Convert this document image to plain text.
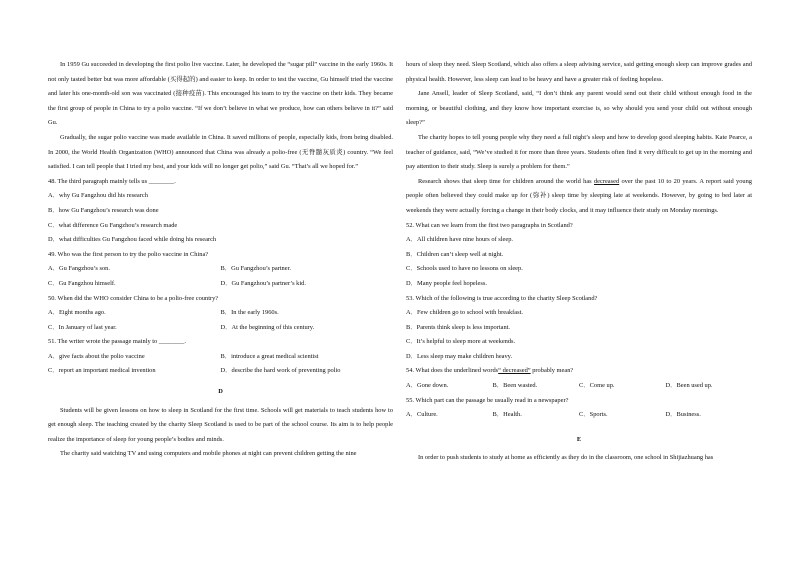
In 1959 Gu succeeded in developing the first polio live vaccine. Later, he developed the “sugar pill” vaccine in the early 1960s. It not only tasted better but was more affordable (买得起的) and easier to keep. In order to test the vaccine, Gu himself tried the vaccine and later his one-month-old son was vaccinated (接种疫苗). This encouraged his team to try the vaccine on their kids. They became the first group of people in China to try a polio vaccine. “If we don’t believe in what we produce, how can others believe in it?” said Gu.

Gradually, the sugar polio vaccine was made available in China. It saved millions of people, especially kids, from being disabled. In 2000, the World Health Organization (WHO) announced that China was already a polio-free (无脊髓灰质炎) country. “We feel satisfied. I can tell people that I tried my best, and your kids will no longer get polio,” said Gu. “That’s all we hoped for.”

48. The third paragraph mainly tells us ________.

A．why Gu Fangzhou did his research

B．how Gu Fangzhou’s research was done

C．what difference Gu Fangzhou’s research made

D．what difficulties Gu Fangzhou faced while doing his research

49. Who was the first person to try the polio vaccine in China?

A．Gu Fangzhou’s son.	B．Gu Fangzhou’s partner.
C．Gu Fangzhou himself.	D．Gu Fangzhou’s partner’s kid.

50. When did the WHO consider China to be a polio-free country?

A．Eight months ago.	B．In the early 1960s.
C．In January of last year.	D．At the beginning of this century.

51. The writer wrote the passage mainly to ________.

A．give facts about the polio vaccine	B．introduce a great medical scientist
C．report an important medical invention	D．describe the hard work of preventing polio

D

Students will be given lessons on how to sleep in Scotland for the first time. Schools will get materials to teach students how to get enough sleep. The teaching created by the charity Sleep Scotland is used to be part of the school course. Its aim is to help people realize the importance of sleep for young people’s bodies and minds.

The charity said watching TV and using computers and mobile phones at night can prevent children getting the nine

hours of sleep they need. Sleep Scotland, which also offers a sleep advising service, said getting enough sleep can improve grades and physical health. However, less sleep can lead to be heavy and have a greater risk of feeling hopeless.

Jane Ansell, leader of Sleep Scotland, said, “I don’t think any parent would send out their child without enough food in the morning, or beautiful clothing, and they know how important exercise is, so why should you send your child out without enough sleep?”

The charity hopes to tell young people why they need a full night’s sleep and how to develop good sleeping habits. Kate Pearce, a teacher of guidance, said, “We’ve studied it for more than three years. Students often find it very difficult to get up in the morning and pay attention to their study. Sleep is surely a problem for them.”

Research shows that sleep time for children around the world has decreased over the past 10 to 20 years. A report said young people often believed they could make up for (弥补) sleep time by sleeping late at weekends. However, by going to bed later at weekends they were actually forcing a change in their body clocks, and it may influence their study on Monday mornings.

52. What can we learn from the first two paragraphs in Scotland?

A．All children have nine hours of sleep.

B．Children can’t sleep well at night.

C．Schools used to have no lessons on sleep.

D．Many people feel hopeless.

53. Which of the following is true according to the charity Sleep Scotland?

A．Few children go to school with breakfast.

B．Parents think sleep is less important.

C．It’s helpful to sleep more at weekends.

D．Less sleep may make children heavy.

54. What does the underlined words“ decreased” probably mean?

A．Gone down.	B．Been wasted.	C．Come up.	D．Been used up.

55. Which part can the passage be usually read in a newspaper?

A．Culture.	B．Health.	C．Sports.	D．Business.

E

In order to push students to study at home as efficiently as they do in the classroom, one school in Shijiazhuang has
